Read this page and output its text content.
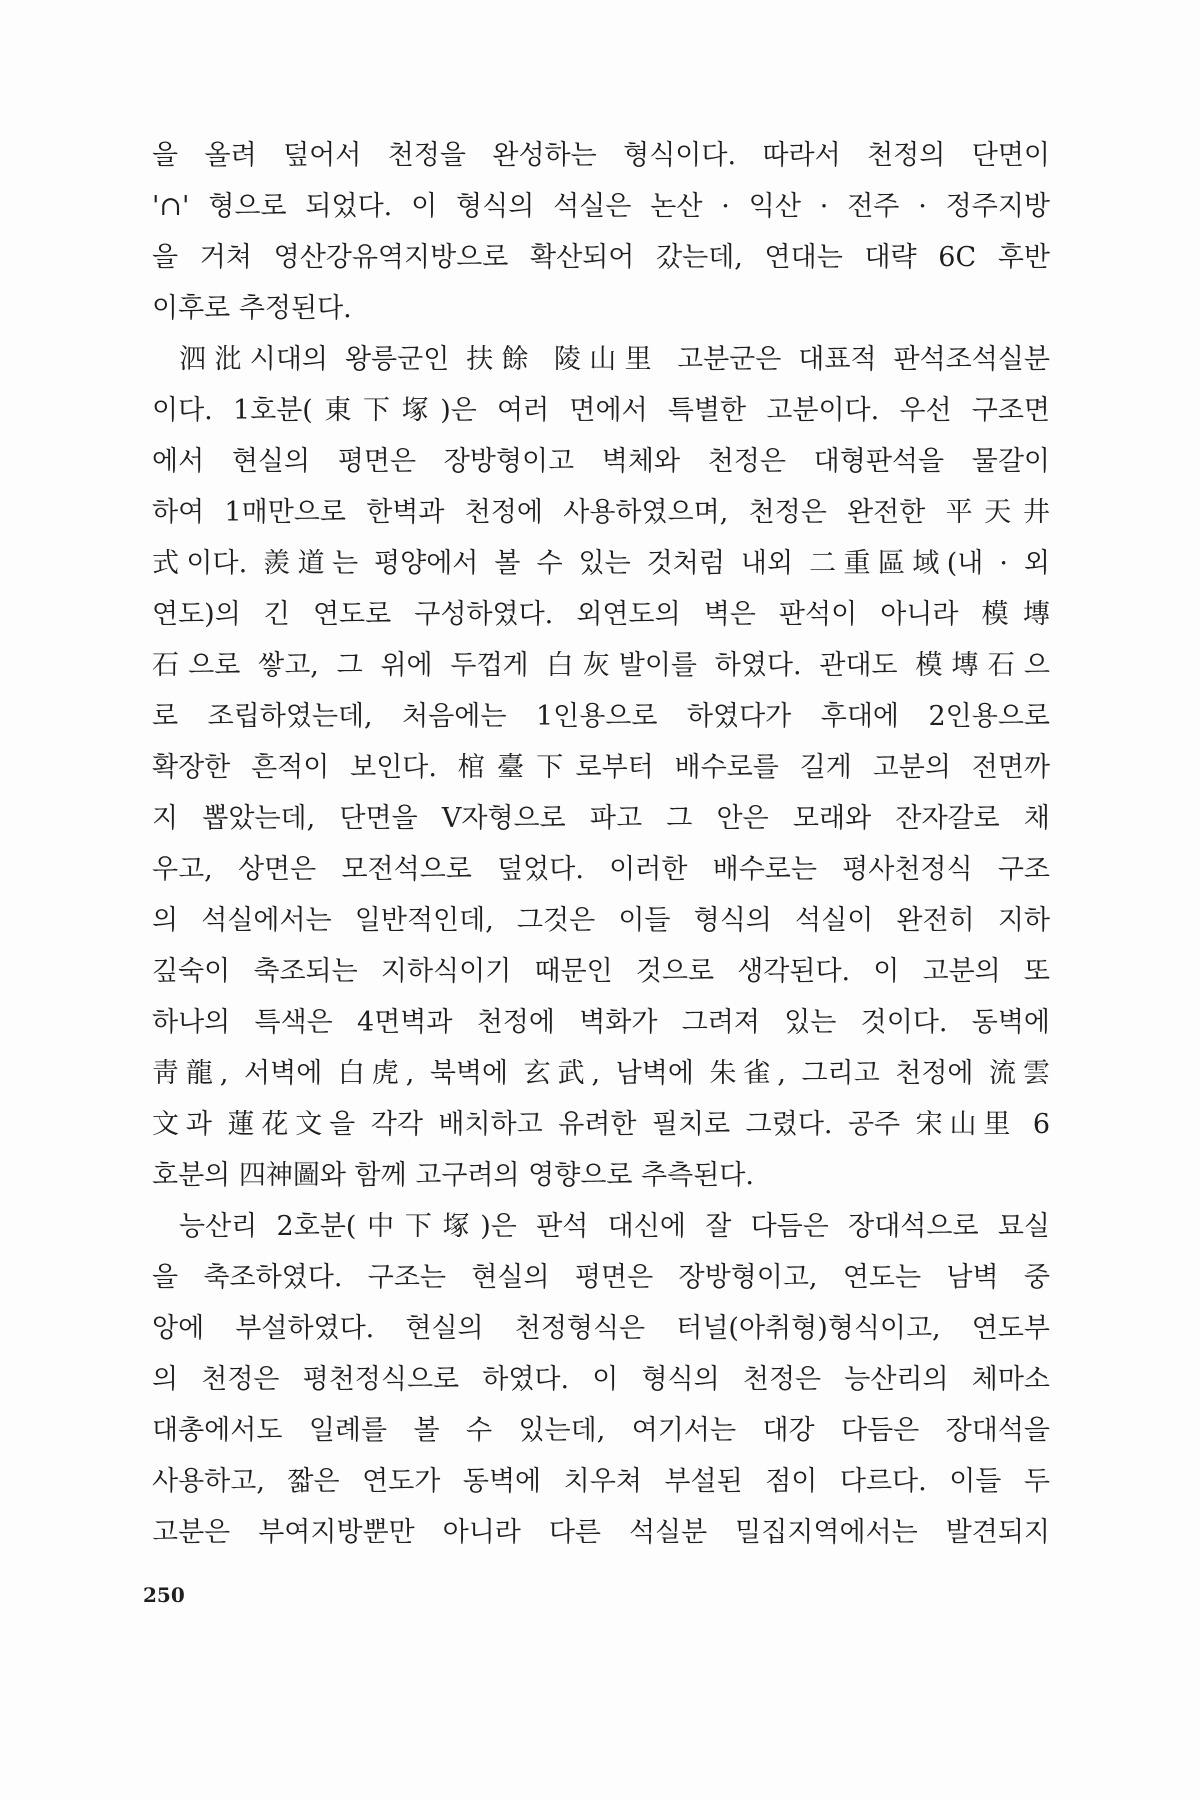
을 올려 덮어서 천정을 완성하는 형식이다. 따라서 천정의 단면이
'∩' 형으로 되었다. 이 형식의 석실은 논산 · 익산 · 전주 · 정주지방
을 거쳐 영산강유역지방으로 확산되어 갔는데, 연대는 대략 6C 후반
이후로 추정된다.
泗沘시대의 왕릉군인 扶餘 陵山里 고분군은 대표적 판석조석실분
이다. 1호분(東下塚)은 여러 면에서 특별한 고분이다. 우선 구조면
에서 현실의 평면은 장방형이고 벽체와 천정은 대형판석을 물갈이
하여 1매만으로 한벽과 천정에 사용하였으며, 천정은 완전한 平天井
式이다. 羨道는 평양에서 볼 수 있는 것처럼 내외 二重區域(내 · 외
연도)의 긴 연도로 구성하였다. 외연도의 벽은 판석이 아니라 模塼
石으로 쌓고, 그 위에 두껍게 白灰발이를 하였다. 관대도 模塼石으
로 조립하였는데, 처음에는 1인용으로 하였다가 후대에 2인용으로
확장한 흔적이 보인다. 棺臺下로부터 배수로를 길게 고분의 전면까
지 뽑았는데, 단면을 V자형으로 파고 그 안은 모래와 잔자갈로 채
우고, 상면은 모전석으로 덮었다. 이러한 배수로는 평사천정식 구조
의 석실에서는 일반적인데, 그것은 이들 형식의 석실이 완전히 지하
깊숙이 축조되는 지하식이기 때문인 것으로 생각된다. 이 고분의 또
하나의 특색은 4면벽과 천정에 벽화가 그려져 있는 것이다. 동벽에
靑龍, 서벽에 白虎, 북벽에 玄武, 남벽에 朱雀, 그리고 천정에 流雲
文과 蓮花文을 각각 배치하고 유려한 필치로 그렸다. 공주 宋山里 6
호분의 四神圖와 함께 고구려의 영향으로 추측된다.
능산리 2호분(中下塚)은 판석 대신에 잘 다듬은 장대석으로 묘실
을 축조하였다. 구조는 현실의 평면은 장방형이고, 연도는 남벽 중
앙에 부설하였다. 현실의 천정형식은 터널(아취형)형식이고, 연도부
의 천정은 평천정식으로 하였다. 이 형식의 천정은 능산리의 체마소
대총에서도 일례를 볼 수 있는데, 여기서는 대강 다듬은 장대석을
사용하고, 짧은 연도가 동벽에 치우쳐 부설된 점이 다르다. 이들 두
고분은 부여지방뿐만 아니라 다른 석실분 밀집지역에서는 발견되지
250
